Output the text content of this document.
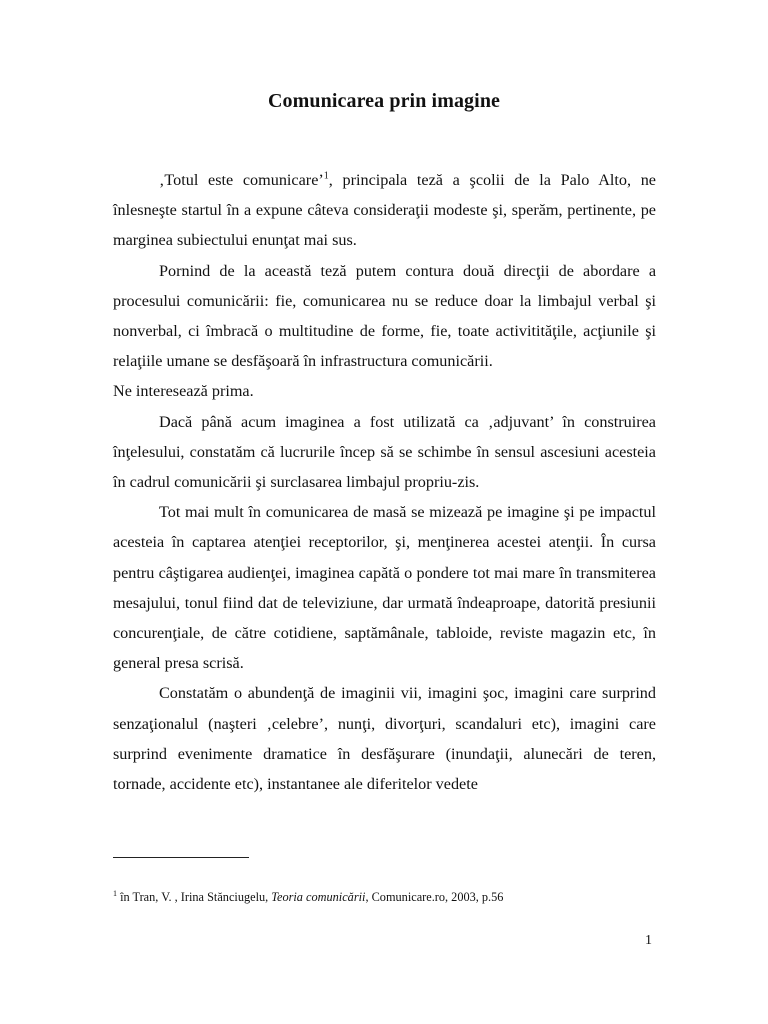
Comunicarea prin imagine

‚Totul este comunicare’$^1$, principala teză a şcolii de la Palo Alto, ne înlesneşte startul în a expune câteva consideraţii modeste şi, sperăm, pertinente, pe marginea subiectului enunţat mai sus.

Pornind de la această teză putem contura două direcţii de abordare a procesului comunicării: fie, comunicarea nu se reduce doar la limbajul verbal şi nonverbal, ci îmbracă o multitudine de forme, fie, toate activitităţile, acţiunile şi relaţiile umane se desfăşoară în infrastructura comunicării.

Ne interesează prima.

Dacă până acum imaginea a fost utilizată ca ‚adjuvant’ în construirea înţelesului, constatăm că lucrurile încep să se schimbe în sensul ascesiuni acesteia în cadrul comunicării şi surclasarea limbajul propriu-zis.

Tot mai mult în comunicarea de masă se mizează pe imagine şi pe impactul acesteia în captarea atenţiei receptorilor, şi, menţinerea acestei atenţii. În cursa pentru câştigarea audienţei, imaginea capătă o pondere tot mai mare în transmiterea mesajului, tonul fiind dat de televiziune, dar urmată îndeaproape, datorită presiunii concurenţiale, de către cotidiene, saptămânale, tabloide, reviste magazin etc, în general presa scrisă.

Constatăm o abundenţă de imaginii vii, imagini şoc, imagini care surprind senzaţionalul (naşteri ‚celebre’, nunţi, divorţuri, scandaluri etc), imagini care surprind evenimente dramatice în desfăşurare (inundaţii, alunecări de teren, tornade, accidente etc), instantanee ale diferitelor vedete

$^1$ în Tran, V. , Irina Stănciugelu, Teoria comunicării, Comunicare.ro, 2003, p.56
1
